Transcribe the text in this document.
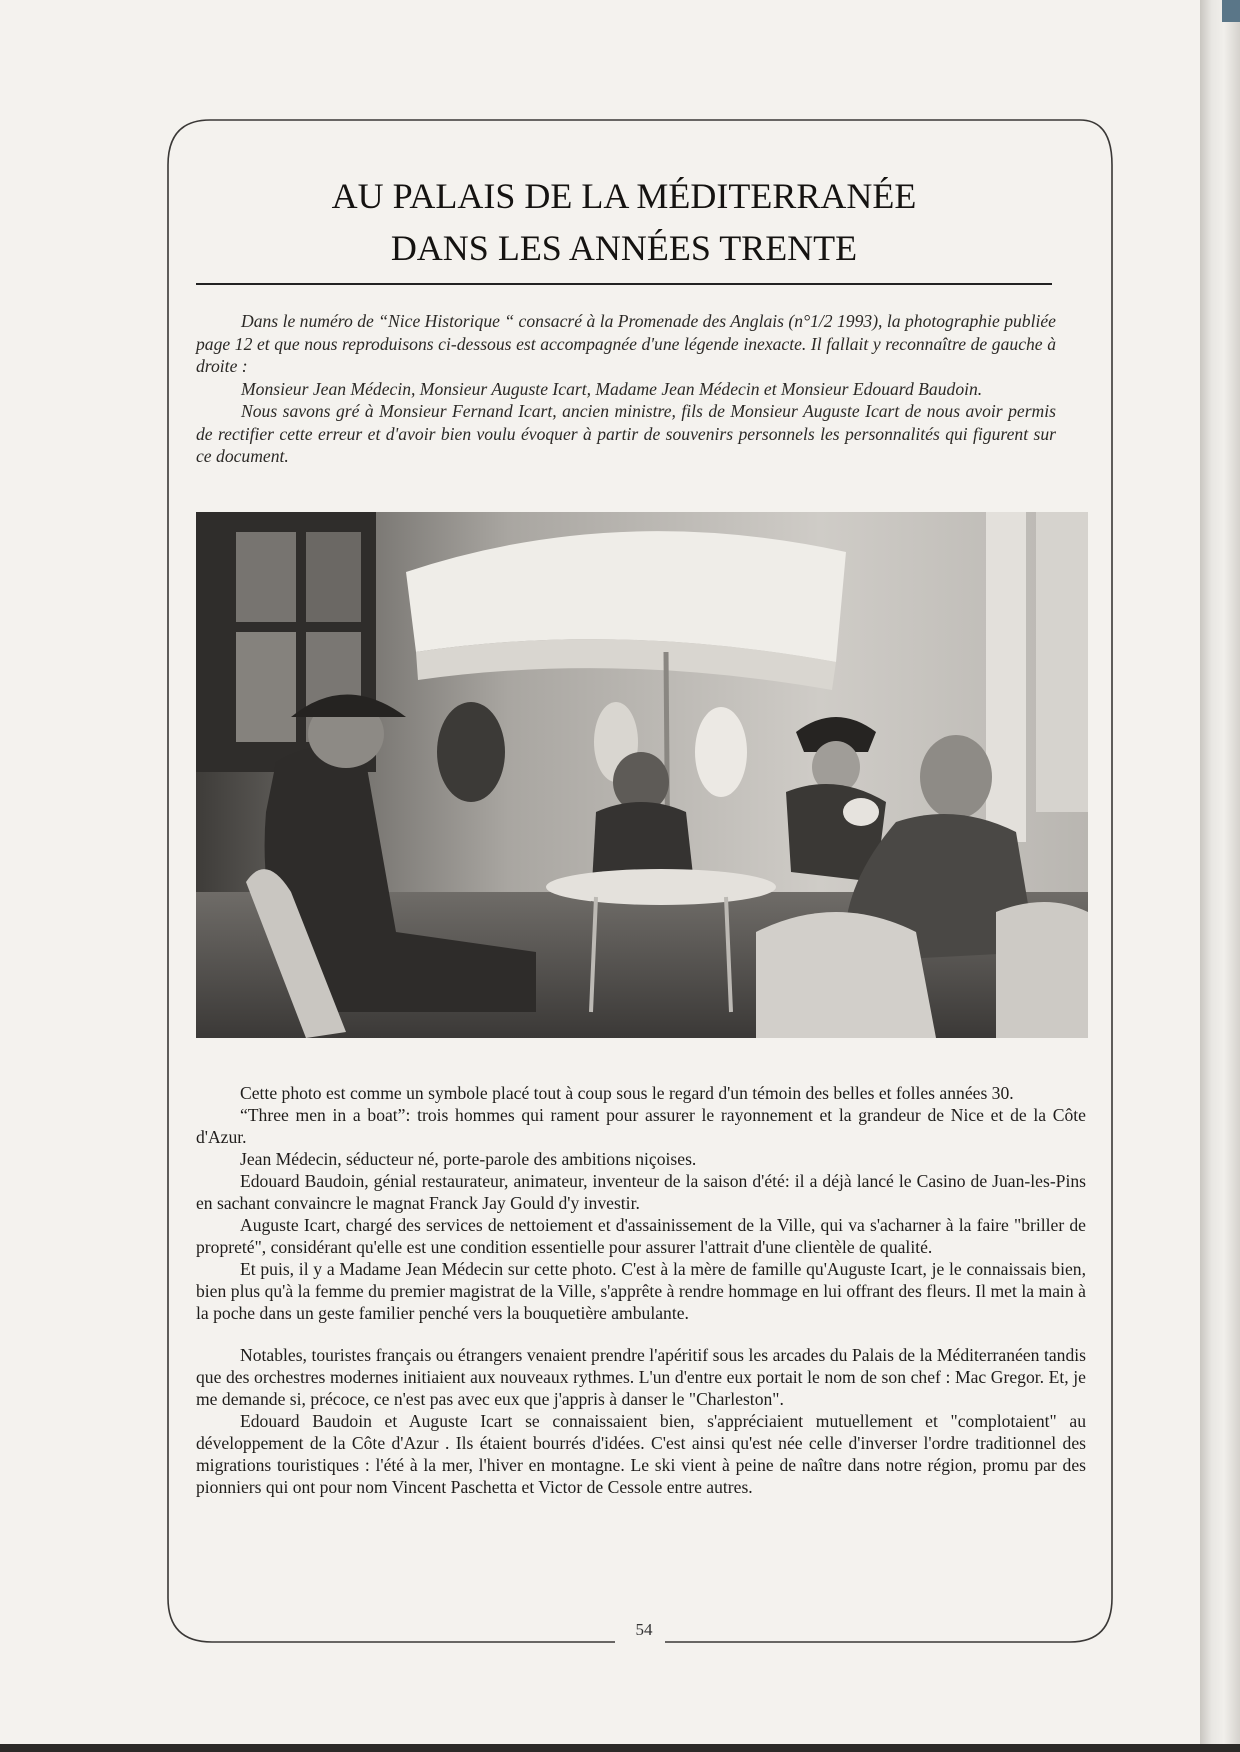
AU PALAIS DE LA MÉDITERRANÉE
DANS LES ANNÉES TRENTE

Dans le numéro de “Nice Historique “ consacré à la Promenade des Anglais (n°1/2 1993), la photographie publiée page 12 et que nous reproduisons ci-dessous est accompagnée d'une légende inexacte. Il fallait y reconnaître de gauche à droite :

Monsieur Jean Médecin, Monsieur Auguste Icart, Madame Jean Médecin et Monsieur Edouard Baudoin.

Nous savons gré à Monsieur Fernand Icart, ancien ministre, fils de Monsieur Auguste Icart de nous avoir permis de rectifier cette erreur et d'avoir bien voulu évoquer à partir de souvenirs personnels les personnalités qui figurent sur ce document.

Cette photo est comme un symbole placé tout à coup sous le regard d'un témoin des belles et folles années 30.

“Three men in a boat”: trois hommes qui rament pour assurer le rayonnement et la grandeur de Nice et de la Côte d'Azur.

Jean Médecin, séducteur né, porte-parole des ambitions niçoises.

Edouard Baudoin, génial restaurateur, animateur, inventeur de la saison d'été: il a déjà lancé le Casino de Juan-les-Pins en sachant convaincre le magnat Franck Jay Gould d'y investir.

Auguste Icart, chargé des services de nettoiement et d'assainissement de la Ville, qui va s'acharner à la faire "briller de propreté", considérant qu'elle est une condition essentielle pour assurer l'attrait d'une clientèle de qualité.

Et puis, il y a Madame Jean Médecin sur cette photo. C'est à la mère de famille qu'Auguste Icart, je le connaissais bien, bien plus qu'à la femme du premier magistrat de la Ville, s'apprête à rendre hommage en lui offrant des fleurs. Il met la main à la poche dans un geste familier penché vers la bouquetière ambulante.

Notables, touristes français ou étrangers venaient prendre l'apéritif sous les arcades du Palais de la Méditerranéen tandis que des orchestres modernes initiaient aux nouveaux rythmes. L'un d'entre eux portait le nom de son chef : Mac Gregor. Et, je me demande si, précoce, ce n'est pas avec eux que j'appris à danser le "Charleston".

Edouard Baudoin et Auguste Icart se connaissaient bien, s'appréciaient mutuellement et "complotaient" au développement de la Côte d'Azur . Ils étaient bourrés d'idées. C'est ainsi qu'est née celle d'inverser l'ordre traditionnel des migrations touristiques : l'été à la mer, l'hiver en montagne. Le ski vient à peine de naître dans notre région, promu par des pionniers qui ont pour nom Vincent Paschetta et Victor de Cessole entre autres.

54
